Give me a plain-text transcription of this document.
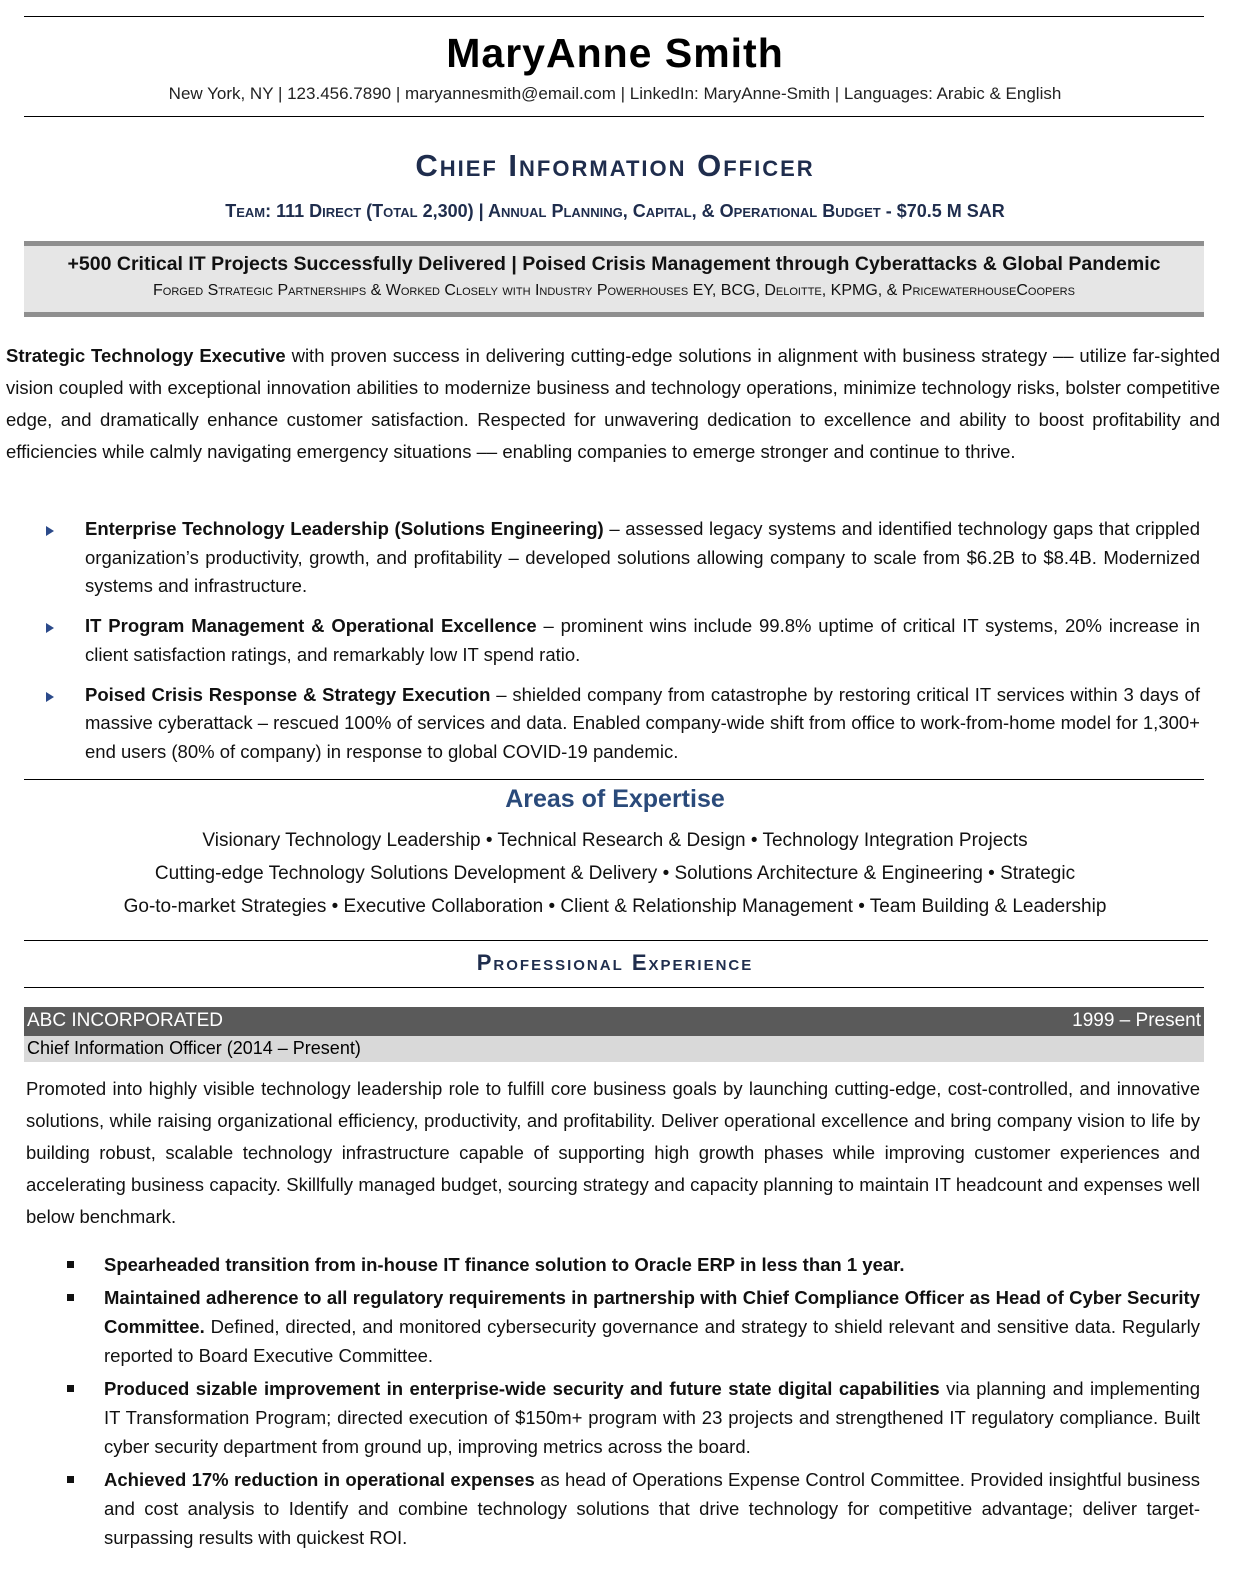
MaryAnne Smith
New York, NY | 123.456.7890 | maryannesmith@email.com | LinkedIn: MaryAnne-Smith | Languages: Arabic & English
Chief Information Officer
Team: 111 Direct (Total 2,300) | Annual Planning, Capital, & Operational Budget - $70.5 M SAR
+500 Critical IT Projects Successfully Delivered | Poised Crisis Management through Cyberattacks & Global Pandemic
Forged Strategic Partnerships & Worked Closely with Industry Powerhouses EY, BCG, Deloitte, KPMG, & PricewaterhouseCoopers
Strategic Technology Executive with proven success in delivering cutting-edge solutions in alignment with business strategy –– utilize far-sighted vision coupled with exceptional innovation abilities to modernize business and technology operations, minimize technology risks, bolster competitive edge, and dramatically enhance customer satisfaction. Respected for unwavering dedication to excellence and ability to boost profitability and efficiencies while calmly navigating emergency situations –– enabling companies to emerge stronger and continue to thrive.
Enterprise Technology Leadership (Solutions Engineering) – assessed legacy systems and identified technology gaps that crippled organization’s productivity, growth, and profitability – developed solutions allowing company to scale from $6.2B to $8.4B. Modernized systems and infrastructure.
IT Program Management & Operational Excellence – prominent wins include 99.8% uptime of critical IT systems, 20% increase in client satisfaction ratings, and remarkably low IT spend ratio.
Poised Crisis Response & Strategy Execution – shielded company from catastrophe by restoring critical IT services within 3 days of massive cyberattack – rescued 100% of services and data. Enabled company-wide shift from office to work-from-home model for 1,300+ end users (80% of company) in response to global COVID-19 pandemic.
Areas of Expertise
Visionary Technology Leadership • Technical Research & Design • Technology Integration Projects
Cutting-edge Technology Solutions Development & Delivery • Solutions Architecture & Engineering • Strategic
Go-to-market Strategies • Executive Collaboration • Client & Relationship Management • Team Building & Leadership
Professional Experience
ABC INCORPORATED	1999 – Present
Chief Information Officer (2014 – Present)
Promoted into highly visible technology leadership role to fulfill core business goals by launching cutting-edge, cost-controlled, and innovative solutions, while raising organizational efficiency, productivity, and profitability. Deliver operational excellence and bring company vision to life by building robust, scalable technology infrastructure capable of supporting high growth phases while improving customer experiences and accelerating business capacity. Skillfully managed budget, sourcing strategy and capacity planning to maintain IT headcount and expenses well below benchmark.
Spearheaded transition from in-house IT finance solution to Oracle ERP in less than 1 year.
Maintained adherence to all regulatory requirements in partnership with Chief Compliance Officer as Head of Cyber Security Committee. Defined, directed, and monitored cybersecurity governance and strategy to shield relevant and sensitive data. Regularly reported to Board Executive Committee.
Produced sizable improvement in enterprise-wide security and future state digital capabilities via planning and implementing IT Transformation Program; directed execution of $150m+ program with 23 projects and strengthened IT regulatory compliance. Built cyber security department from ground up, improving metrics across the board.
Achieved 17% reduction in operational expenses as head of Operations Expense Control Committee. Provided insightful business and cost analysis to Identify and combine technology solutions that drive technology for competitive advantage; deliver target-surpassing results with quickest ROI.
